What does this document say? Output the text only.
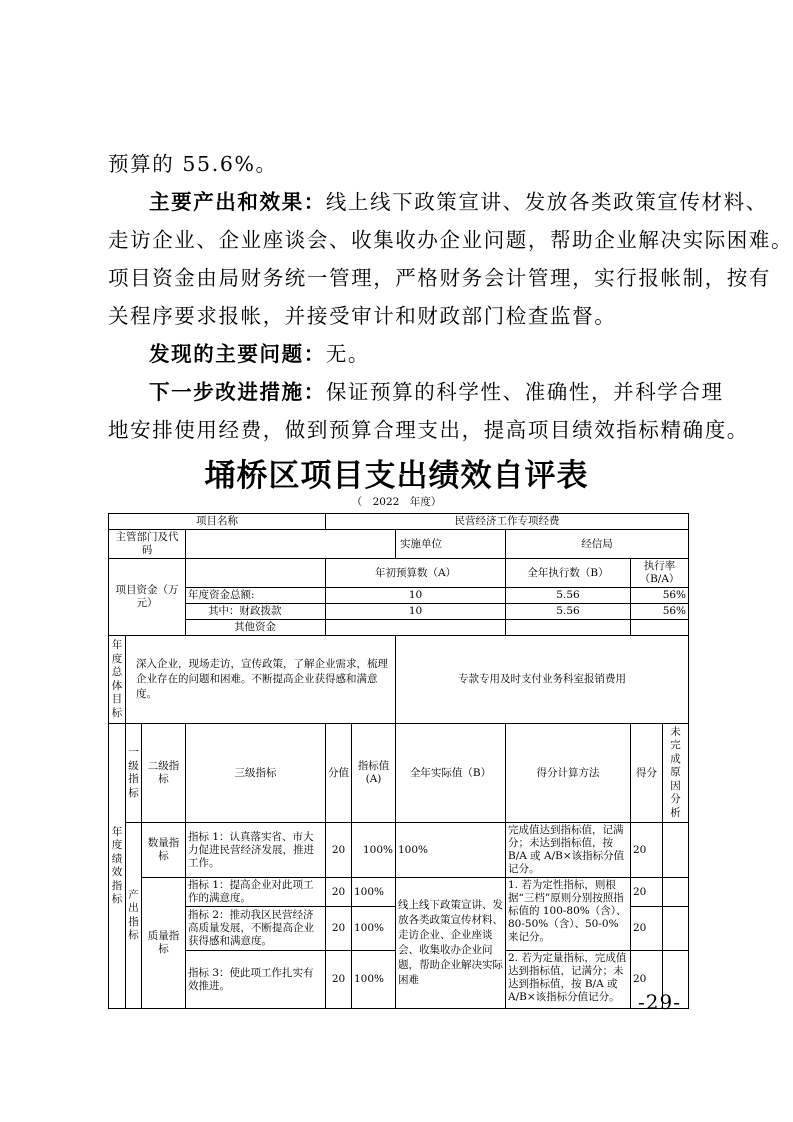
预算的 55.6%。

主要产出和效果：线上线下政策宣讲、发放各类政策宣传材料、
走访企业、企业座谈会、收集收办企业问题，帮助企业解决实际困难。
项目资金由局财务统一管理，严格财务会计管理，实行报帐制，按有
关程序要求报帐，并接受审计和财政部门检查监督。

发现的主要问题：无。

下一步改进措施：保证预算的科学性、准确性，并科学合理
地安排使用经费，做到预算合理支出，提高项目绩效指标精确度。
埇桥区项目支出绩效自评表
（　2022　年度）
项目名称				民营经济工作专项经费					
主管部门及代码						实施单位	经信局		
项目资金（万元）				年初预算数（A）			全年执行数（B）	执行率（B/A）	
			年度资金总额:	10			5.56	56%	
			其中：财政拨款	10			5.56	56%	
			其他资金						
年度总体目标	深入企业，现场走访，宣传政策，了解企业需求，梳理企业存在的问题和困难。不断提高企业获得感和满意度。					专款专用及时支付业务科室报销费用			
年度绩效指标	一级指标	二级指标	三级指标	分值	指标值(A)	全年实际值（B）	得分计算方法	得分	未完成原因分析
	产出指标	数量指标	指标 1：认真落实省、市大力促进民营经济发展，推进工作。	20	100%	100%	完成值达到指标值，记满分；未达到指标值，按 B/A 或 A/B×该指标分值记分。	20	
		质量指标	指标 1：提高企业对此项工作的满意度。	20	100%	线上线下政策宣讲、发放各类政策宣传材料、走访企业、企业座谈会、收集收办企业问题，帮助企业解决实际困难	1. 若为定性指标，则根据“三档”原则分别按照指标值的 100-80%（含）、80-50%（含）、50-0%来记分。	20	
			指标 2：推动我区民营经济高质量发展，不断提高企业获得感和满意度。	20	100%			20	
			指标 3：使此项工作扎实有效推进。	20	100%		2. 若为定量指标，完成值达到指标值，记满分；未达到指标值，按 B/A 或 A/B×该指标分值记分。	20	
-29-
